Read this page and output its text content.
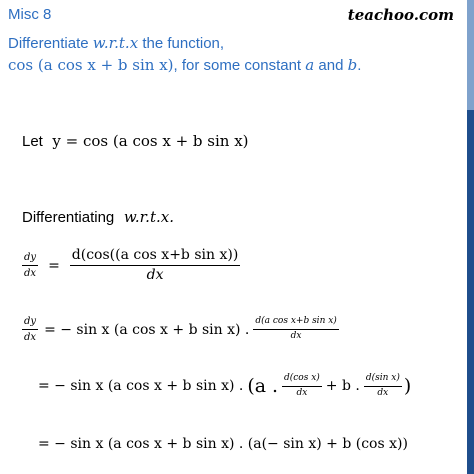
Misc 8	teachoo.com
Differentiate w.r.t.x the function,
cos (a cos x + b sin x), for some constant a and b.
Let y = cos (a cos x + b sin x)
Differentiating w.r.t.x.
$\frac{dy}{dx} = \frac{\text{d(cos((a cos x+b sin x))}}{dx}$
$\frac{dy}{dx}$ = − sin x (a cos x + b sin x) . $\frac{\text{d(a cos x+b sin x)}}{dx}$
= − sin x (a cos x + b sin x) . (a . $\frac{\text{d(cos x)}}{dx} + b$ . $\frac{\text{d(sin x)}}{dx}$ )
= − sin x (a cos x + b sin x) . (a(− sin x) + b (cos x))
